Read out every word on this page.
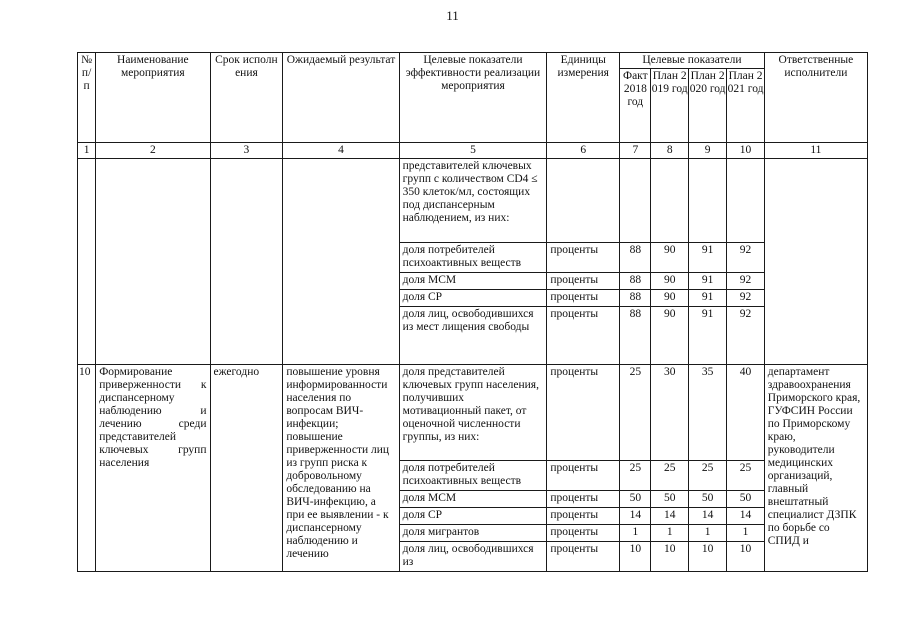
11
№ п/п	Наименование мероприятия	Срок исполнения	Ожидаемый результат	Целевые показатели эффективности реализации мероприятия	Единицы измерения	Целевые показатели				Ответственные исполнители
						Факт 2018 год	План 2019 год	План 2020 год	План 2021 год	
1	2	3	4	5	6	7	8	9	10	11
				представителей ключевых групп с количеством CD4 ≤ 350 клеток/мл, состоящих под диспансерным наблюдением, из них:						
				доля потребителей психоактивных веществ	проценты	88	90	91	92	
				доля МСМ	проценты	88	90	91	92	
				доля СР	проценты	88	90	91	92	
				доля лиц, освободившихся из мест лищения свободы	проценты	88	90	91	92	
10	Формирование приверженности к диспансерному наблюдению и лечению среди представителей ключевых групп населения	ежегодно	повышение уровня информированности населения по вопросам ВИЧ-инфекции; повышение приверженности лиц из групп риска к добровольному обследованию на ВИЧ-инфекцию, а при ее выявлении - к диспансерному наблюдению и лечению	доля представителей ключевых групп населения, получивших мотивационный пакет, от оценочной численности группы, из них:	проценты	25	30	35	40	департамент здравоохранения Приморского края, ГУФСИН России по Приморскому краю, руководители медицинских организаций, главный внештатный специалист ДЗПК по борьбе со СПИД и
				доля потребителей психоактивных веществ	проценты	25	25	25	25	
				доля МСМ	проценты	50	50	50	50	
				доля СР	проценты	14	14	14	14	
				доля мигрантов	проценты	1	1	1	1	
				доля лиц, освободившихся из	проценты	10	10	10	10	
